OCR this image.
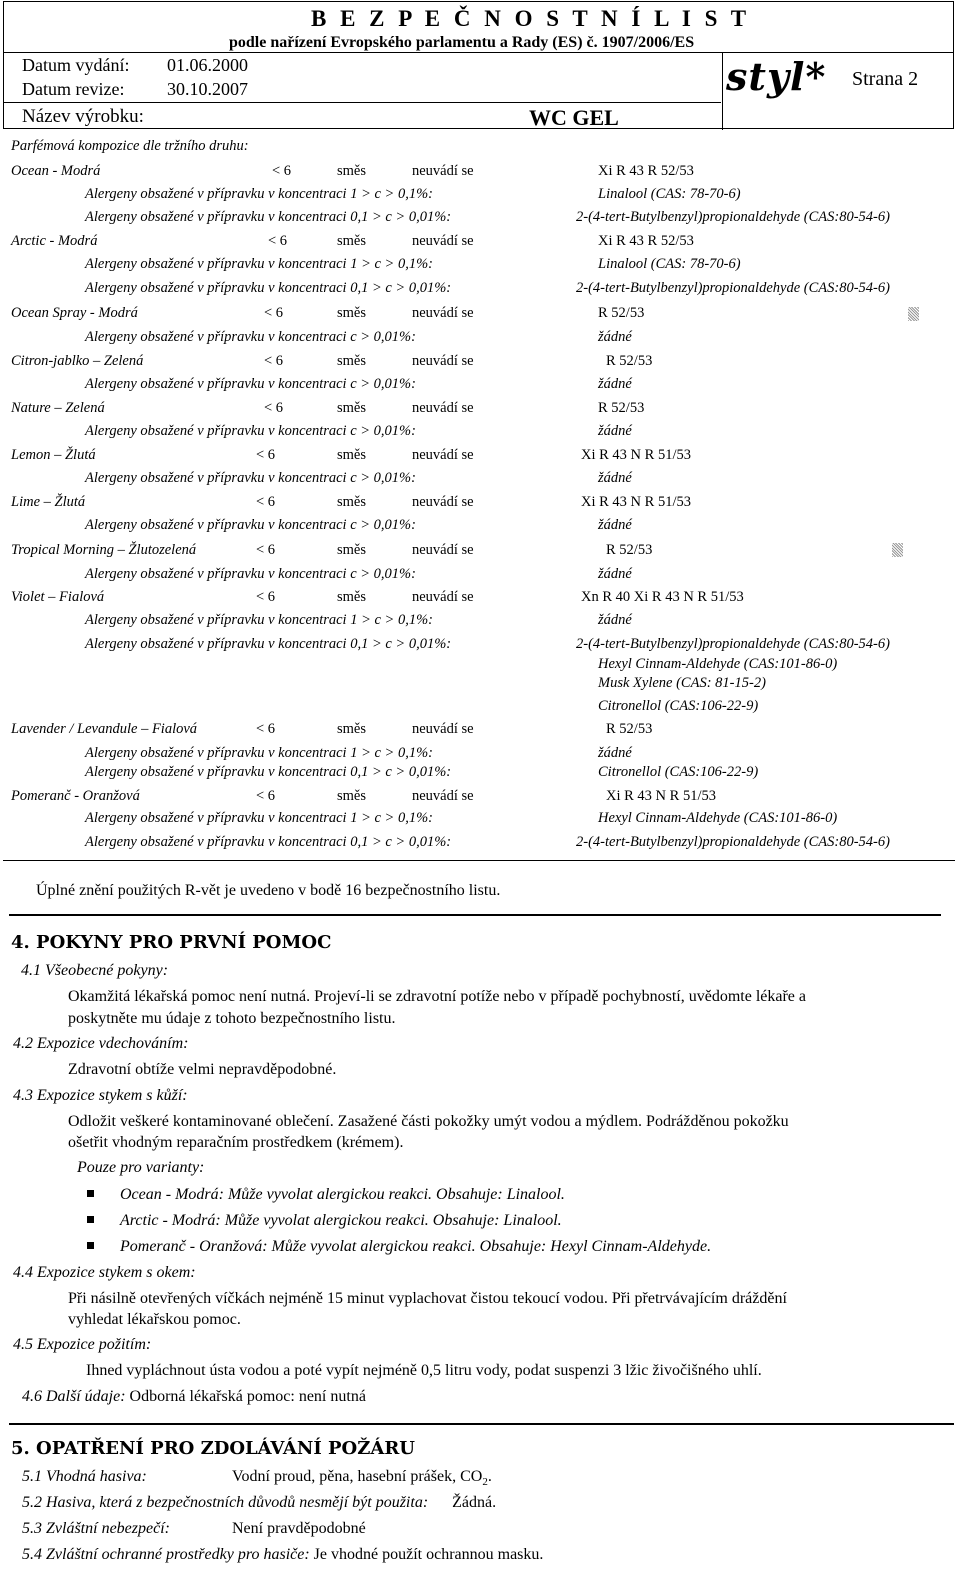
B E Z P E Č N O S T N Í L I S T
podle nařízení Evropského parlamentu a Rady (ES) č. 1907/2006/ES
Datum vydání: 01.06.2000
Datum revize: 30.10.2007
Název výrobku:	WC GEL
styl* Strana 2
Parfémová kompozice dle tržního druhu:
Ocean - Modrá	< 6	směs	neuvádí se	Xi R 43 R 52/53
Alergeny obsažené v přípravku v koncentraci 1 > c > 0,1%:	Linalool (CAS: 78-70-6)
Alergeny obsažené v přípravku v koncentraci 0,1 > c > 0,01%:	2-(4-tert-Butylbenzyl)propionaldehyde (CAS:80-54-6)
Arctic - Modrá	< 6	směs	neuvádí se	Xi R 43 R 52/53
Alergeny obsažené v přípravku v koncentraci 1 > c > 0,1%:	Linalool (CAS: 78-70-6)
Alergeny obsažené v přípravku v koncentraci 0,1 > c > 0,01%:	2-(4-tert-Butylbenzyl)propionaldehyde (CAS:80-54-6)
Ocean Spray - Modrá	< 6	směs	neuvádí se	R 52/53
Alergeny obsažené v přípravku v koncentraci c > 0,01%:	žádné
Citron-jablko – Zelená	< 6	směs	neuvádí se	R 52/53
Alergeny obsažené v přípravku v koncentraci c > 0,01%:	žádné
Nature – Zelená	< 6	směs	neuvádí se	R 52/53
Alergeny obsažené v přípravku v koncentraci c > 0,01%:	žádné
Lemon – Žlutá	< 6	směs	neuvádí se	Xi R 43 N R 51/53
Alergeny obsažené v přípravku v koncentraci c > 0,01%:	žádné
Lime – Žlutá	< 6	směs	neuvádí se	Xi R 43 N R 51/53
Alergeny obsažené v přípravku v koncentraci c > 0,01%:	žádné
Tropical Morning – Žlutozelená	< 6	směs	neuvádí se	R 52/53
Alergeny obsažené v přípravku v koncentraci c > 0,01%:	žádné
Violet – Fialová	< 6	směs	neuvádí se	Xn R 40 Xi R 43 N R 51/53
Alergeny obsažené v přípravku v koncentraci 1 > c > 0,1%:	žádné
Alergeny obsažené v přípravku v koncentraci 0,1 > c > 0,01%:	2-(4-tert-Butylbenzyl)propionaldehyde (CAS:80-54-6)
Hexyl Cinnam-Aldehyde (CAS:101-86-0)
Musk Xylene (CAS: 81-15-2)
Citronellol (CAS:106-22-9)
Lavender / Levandule – Fialová	< 6	směs	neuvádí se	R 52/53
Alergeny obsažené v přípravku v koncentraci 1 > c > 0,1%:	žádné
Alergeny obsažené v přípravku v koncentraci 0,1 > c > 0,01%:	Citronellol (CAS:106-22-9)
Pomeranč - Oranžová	< 6	směs	neuvádí se	Xi R 43 N R 51/53
Alergeny obsažené v přípravku v koncentraci 1 > c > 0,1%:	Hexyl Cinnam-Aldehyde (CAS:101-86-0)
Alergeny obsažené v přípravku v koncentraci 0,1 > c > 0,01%:	2-(4-tert-Butylbenzyl)propionaldehyde (CAS:80-54-6)
Úplné znění použitých R-vět je uvedeno v bodě 16 bezpečnostního listu.
4. POKYNY PRO PRVNÍ POMOC
4.1 Všeobecné pokyny:
Okamžitá lékařská pomoc není nutná. Projeví-li se zdravotní potíže nebo v případě pochybností, uvědomte lékaře a
poskytněte mu údaje z tohoto bezpečnostního listu.
4.2 Expozice vdechováním:
Zdravotní obtíže velmi nepravděpodobné.
4.3 Expozice stykem s kůží:
Odložit veškeré kontaminované oblečení. Zasažené části pokožky umýt vodou a mýdlem. Podrážděnou pokožku
ošetřit vhodným reparačním prostředkem (krémem).
Pouze pro varianty:
Ocean - Modrá: Může vyvolat alergickou reakci. Obsahuje: Linalool.
Arctic - Modrá: Může vyvolat alergickou reakci. Obsahuje: Linalool.
Pomeranč - Oranžová: Může vyvolat alergickou reakci. Obsahuje: Hexyl Cinnam-Aldehyde.
4.4 Expozice stykem s okem:
Při násilně otevřených víčkách nejméně 15 minut vyplachovat čistou tekoucí vodou. Při přetrvávajícím dráždění
vyhledat lékařskou pomoc.
4.5 Expozice požitím:
Ihned vypláchnout ústa vodou a poté vypít nejméně 0,5 litru vody, podat suspenzi 3 lžic živočišného uhlí.
4.6 Další údaje: Odborná lékařská pomoc: není nutná
5. OPATŘENÍ PRO ZDOLÁVÁNÍ POŽÁRU
5.1 Vhodná hasiva:	Vodní proud, pěna, hasební prášek, $CO_2$.
5.2 Hasiva, která z bezpečnostních důvodů nesmějí být použita: Žádná.
5.3 Zvláštní nebezpečí:	Není pravděpodobné
5.4 Zvláštní ochranné prostředky pro hasiče: Je vhodné použít ochrannou masku.
